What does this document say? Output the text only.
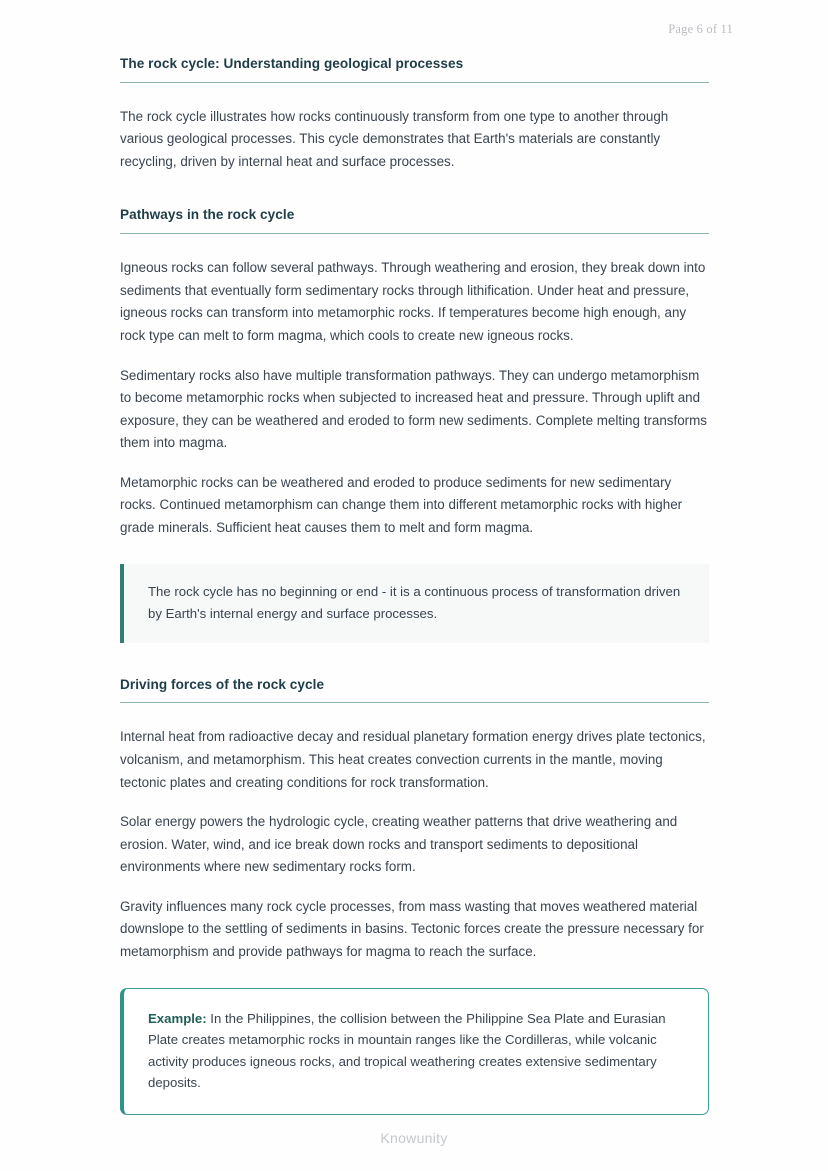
Page 6 of 11
The rock cycle: Understanding geological processes

The rock cycle illustrates how rocks continuously transform from one type to another through various geological processes. This cycle demonstrates that Earth's materials are constantly recycling, driven by internal heat and surface processes.

Pathways in the rock cycle

Igneous rocks can follow several pathways. Through weathering and erosion, they break down into sediments that eventually form sedimentary rocks through lithification. Under heat and pressure, igneous rocks can transform into metamorphic rocks. If temperatures become high enough, any rock type can melt to form magma, which cools to create new igneous rocks.

Sedimentary rocks also have multiple transformation pathways. They can undergo metamorphism to become metamorphic rocks when subjected to increased heat and pressure. Through uplift and exposure, they can be weathered and eroded to form new sediments. Complete melting transforms them into magma.

Metamorphic rocks can be weathered and eroded to produce sediments for new sedimentary rocks. Continued metamorphism can change them into different metamorphic rocks with higher grade minerals. Sufficient heat causes them to melt and form magma.

The rock cycle has no beginning or end - it is a continuous process of transformation driven by Earth's internal energy and surface processes.

Driving forces of the rock cycle

Internal heat from radioactive decay and residual planetary formation energy drives plate tectonics, volcanism, and metamorphism. This heat creates convection currents in the mantle, moving tectonic plates and creating conditions for rock transformation.

Solar energy powers the hydrologic cycle, creating weather patterns that drive weathering and erosion. Water, wind, and ice break down rocks and transport sediments to depositional environments where new sedimentary rocks form.

Gravity influences many rock cycle processes, from mass wasting that moves weathered material downslope to the settling of sediments in basins. Tectonic forces create the pressure necessary for metamorphism and provide pathways for magma to reach the surface.

Example: In the Philippines, the collision between the Philippine Sea Plate and Eurasian Plate creates metamorphic rocks in mountain ranges like the Cordilleras, while volcanic activity produces igneous rocks, and tropical weathering creates extensive sedimentary deposits.

Knowunity
